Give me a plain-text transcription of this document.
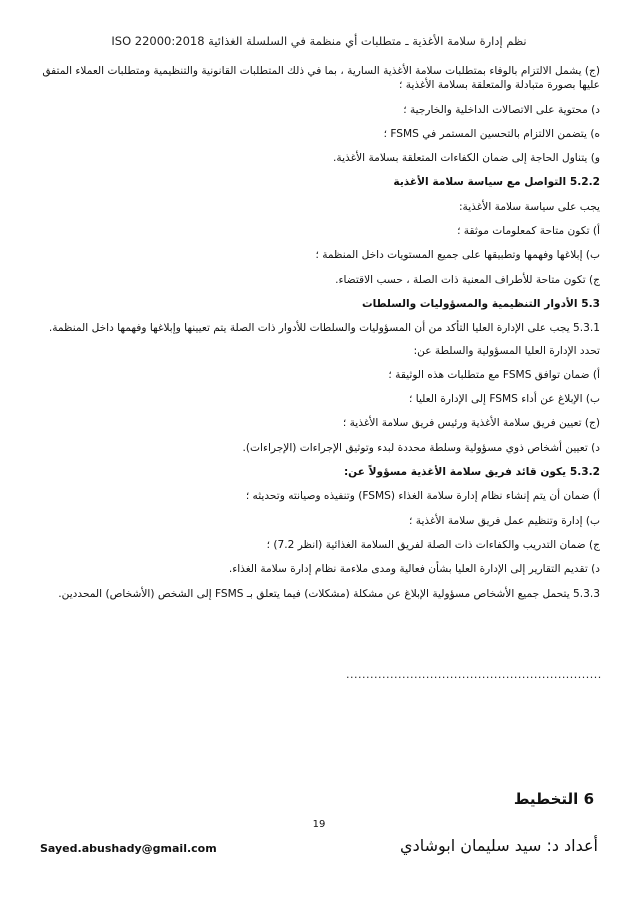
نظم إدارة سلامة الأغذية ـ متطلبات أي منظمة في السلسلة الغذائية ISO 22000:2018

(ج) يشمل الالتزام بالوفاء بمتطلبات سلامة الأغذية السارية ، بما في ذلك المتطلبات القانونية والتنظيمية ومتطلبات العملاء المتفق عليها بصورة متبادلة والمتعلقة بسلامة الأغذية ؛

د) محتوية على الاتصالات الداخلية والخارجية ؛

ه) يتضمن الالتزام بالتحسين المستمر في FSMS ؛

و) يتناول الحاجة إلى ضمان الكفاءات المتعلقة بسلامة الأغذية.

5.2.2 التواصل مع سياسة سلامة الأغذية

يجب على سياسة سلامة الأغذية:

أ) تكون متاحة كمعلومات موثقة ؛

ب) إبلاغها وفهمها وتطبيقها على جميع المستويات داخل المنظمة ؛

ج) تكون متاحة للأطراف المعنية ذات الصلة ، حسب الاقتضاء.

5.3 الأدوار التنظيمية والمسؤوليات والسلطات

5.3.1 يجب على الإدارة العليا التأكد من أن المسؤوليات والسلطات للأدوار ذات الصلة يتم تعيينها وإبلاغها وفهمها داخل المنظمة.

تحدد الإدارة العليا المسؤولية والسلطة عن:

أ) ضمان توافق FSMS مع متطلبات هذه الوثيقة ؛

ب) الإبلاغ عن أداء FSMS إلى الإدارة العليا ؛

(ج) تعيين فريق سلامة الأغذية ورئيس فريق سلامة الأغذية ؛

د) تعيين أشخاص ذوي مسؤولية وسلطة محددة لبدء وتوثيق الإجراءات (الإجراءات).

5.3.2 يكون قائد فريق سلامة الأغذية مسؤولاً عن:

أ) ضمان أن يتم إنشاء نظام إدارة سلامة الغذاء (FSMS) وتنفيذه وصيانته وتحديثه ؛

ب) إدارة وتنظيم عمل فريق سلامة الأغذية ؛

ج) ضمان التدريب والكفاءات ذات الصلة لفريق السلامة الغذائية (انظر 7.2) ؛

د) تقديم التقارير إلى الإدارة العليا بشأن فعالية ومدى ملاءمة نظام إدارة سلامة الغذاء.

5.3.3 يتحمل جميع الأشخاص مسؤولية الإبلاغ عن مشكلة (مشكلات) فيما يتعلق بـ FSMS إلى الشخص (الأشخاص) المحددين.

................................................................
6 التخطيط
19
Sayed.abushady@gmail.com	أعداد د: سيد سليمان ابوشادي
